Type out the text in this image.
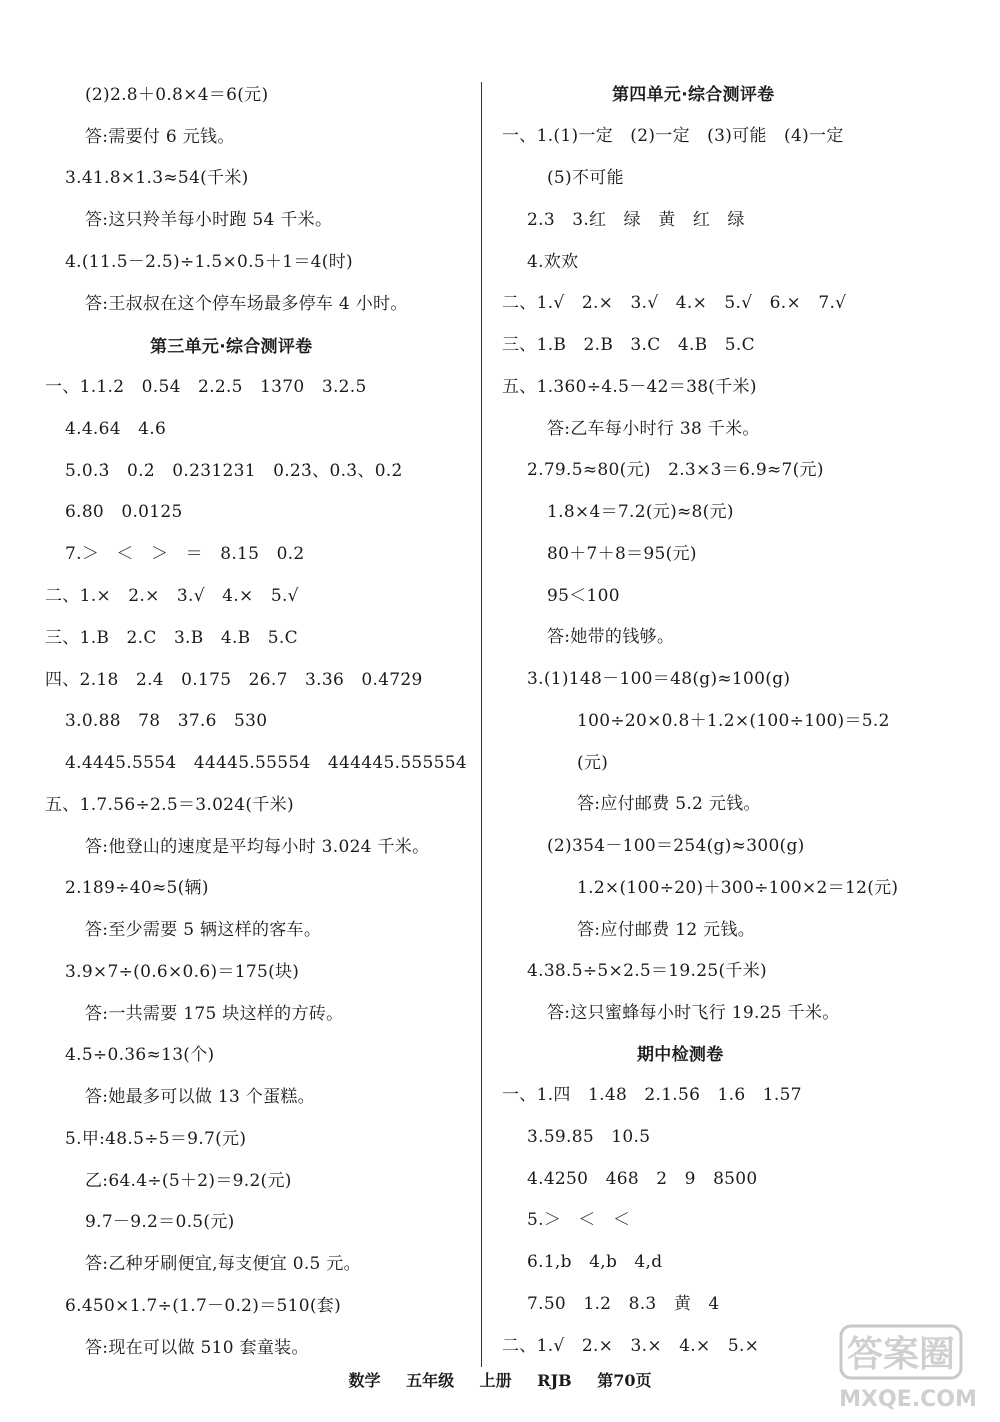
(2)2.8＋0.8×4＝6(元)
答:需要付 6 元钱。
3.41.8×1.3≈54(千米)
答:这只羚羊每小时跑 54 千米。
4.(11.5－2.5)÷1.5×0.5＋1＝4(时)
答:王叔叔在这个停车场最多停车 4 小时。
第三单元·综合测评卷
一、1.1.2　0.54　2.2.5　1370　3.2.5
4.4.64　4.6
5.0.3̇　0.2̇　0.231231　0.23̇、0.3̇、0.2̇
6.80　0.0125
7.＞　＜　＞　＝　8.15　0.2
二、1.×　2.×　3.√　4.×　5.√
三、1.B　2.C　3.B　4.B　5.C
四、2.18　2.4　0.175　26.7　3.36　0.4̇72̇9
3.0.88　78　37.6　530
4.4445.5554　44445.55554　444445.555554
五、1.7.56÷2.5＝3.024(千米)
答:他登山的速度是平均每小时 3.024 千米。
2.189÷40≈5(辆)
答:至少需要 5 辆这样的客车。
3.9×7÷(0.6×0.6)＝175(块)
答:一共需要 175 块这样的方砖。
4.5÷0.36≈13(个)
答:她最多可以做 13 个蛋糕。
5.甲:48.5÷5＝9.7(元)
乙:64.4÷(5＋2)＝9.2(元)
9.7－9.2＝0.5(元)
答:乙种牙刷便宜,每支便宜 0.5 元。
6.450×1.7÷(1.7－0.2)＝510(套)
答:现在可以做 510 套童装。
第四单元·综合测评卷
一、1.(1)一定　(2)一定　(3)可能　(4)一定
(5)不可能
2.3　3.红　绿　黄　红　绿
4.欢欢
二、1.√　2.×　3.√　4.×　5.√　6.×　7.√
三、1.B　2.B　3.C　4.B　5.C
五、1.360÷4.5－42＝38(千米)
答:乙车每小时行 38 千米。
2.79.5≈80(元)　2.3×3＝6.9≈7(元)
1.8×4＝7.2(元)≈8(元)
80＋7＋8＝95(元)
95＜100
答:她带的钱够。
3.(1)148－100＝48(g)≈100(g)
100÷20×0.8＋1.2×(100÷100)＝5.2
(元)
答:应付邮费 5.2 元钱。
(2)354－100＝254(g)≈300(g)
1.2×(100÷20)＋300÷100×2＝12(元)
答:应付邮费 12 元钱。
4.38.5÷5×2.5＝19.25(千米)
答:这只蜜蜂每小时飞行 19.25 千米。
期中检测卷
一、1.四　1.48　2.1.5̇6̇　1.6　1.57
3.59.85　10.5
4.4250　468　2　9　8500
5.＞　＜　＜
6.1,b　4,b　4,d
7.50　1.2　8.3　黄　4
二、1.√　2.×　3.×　4.×　5.×
数学 五年级 上册 RJB 第70页
答案圈
MXQE.COM
